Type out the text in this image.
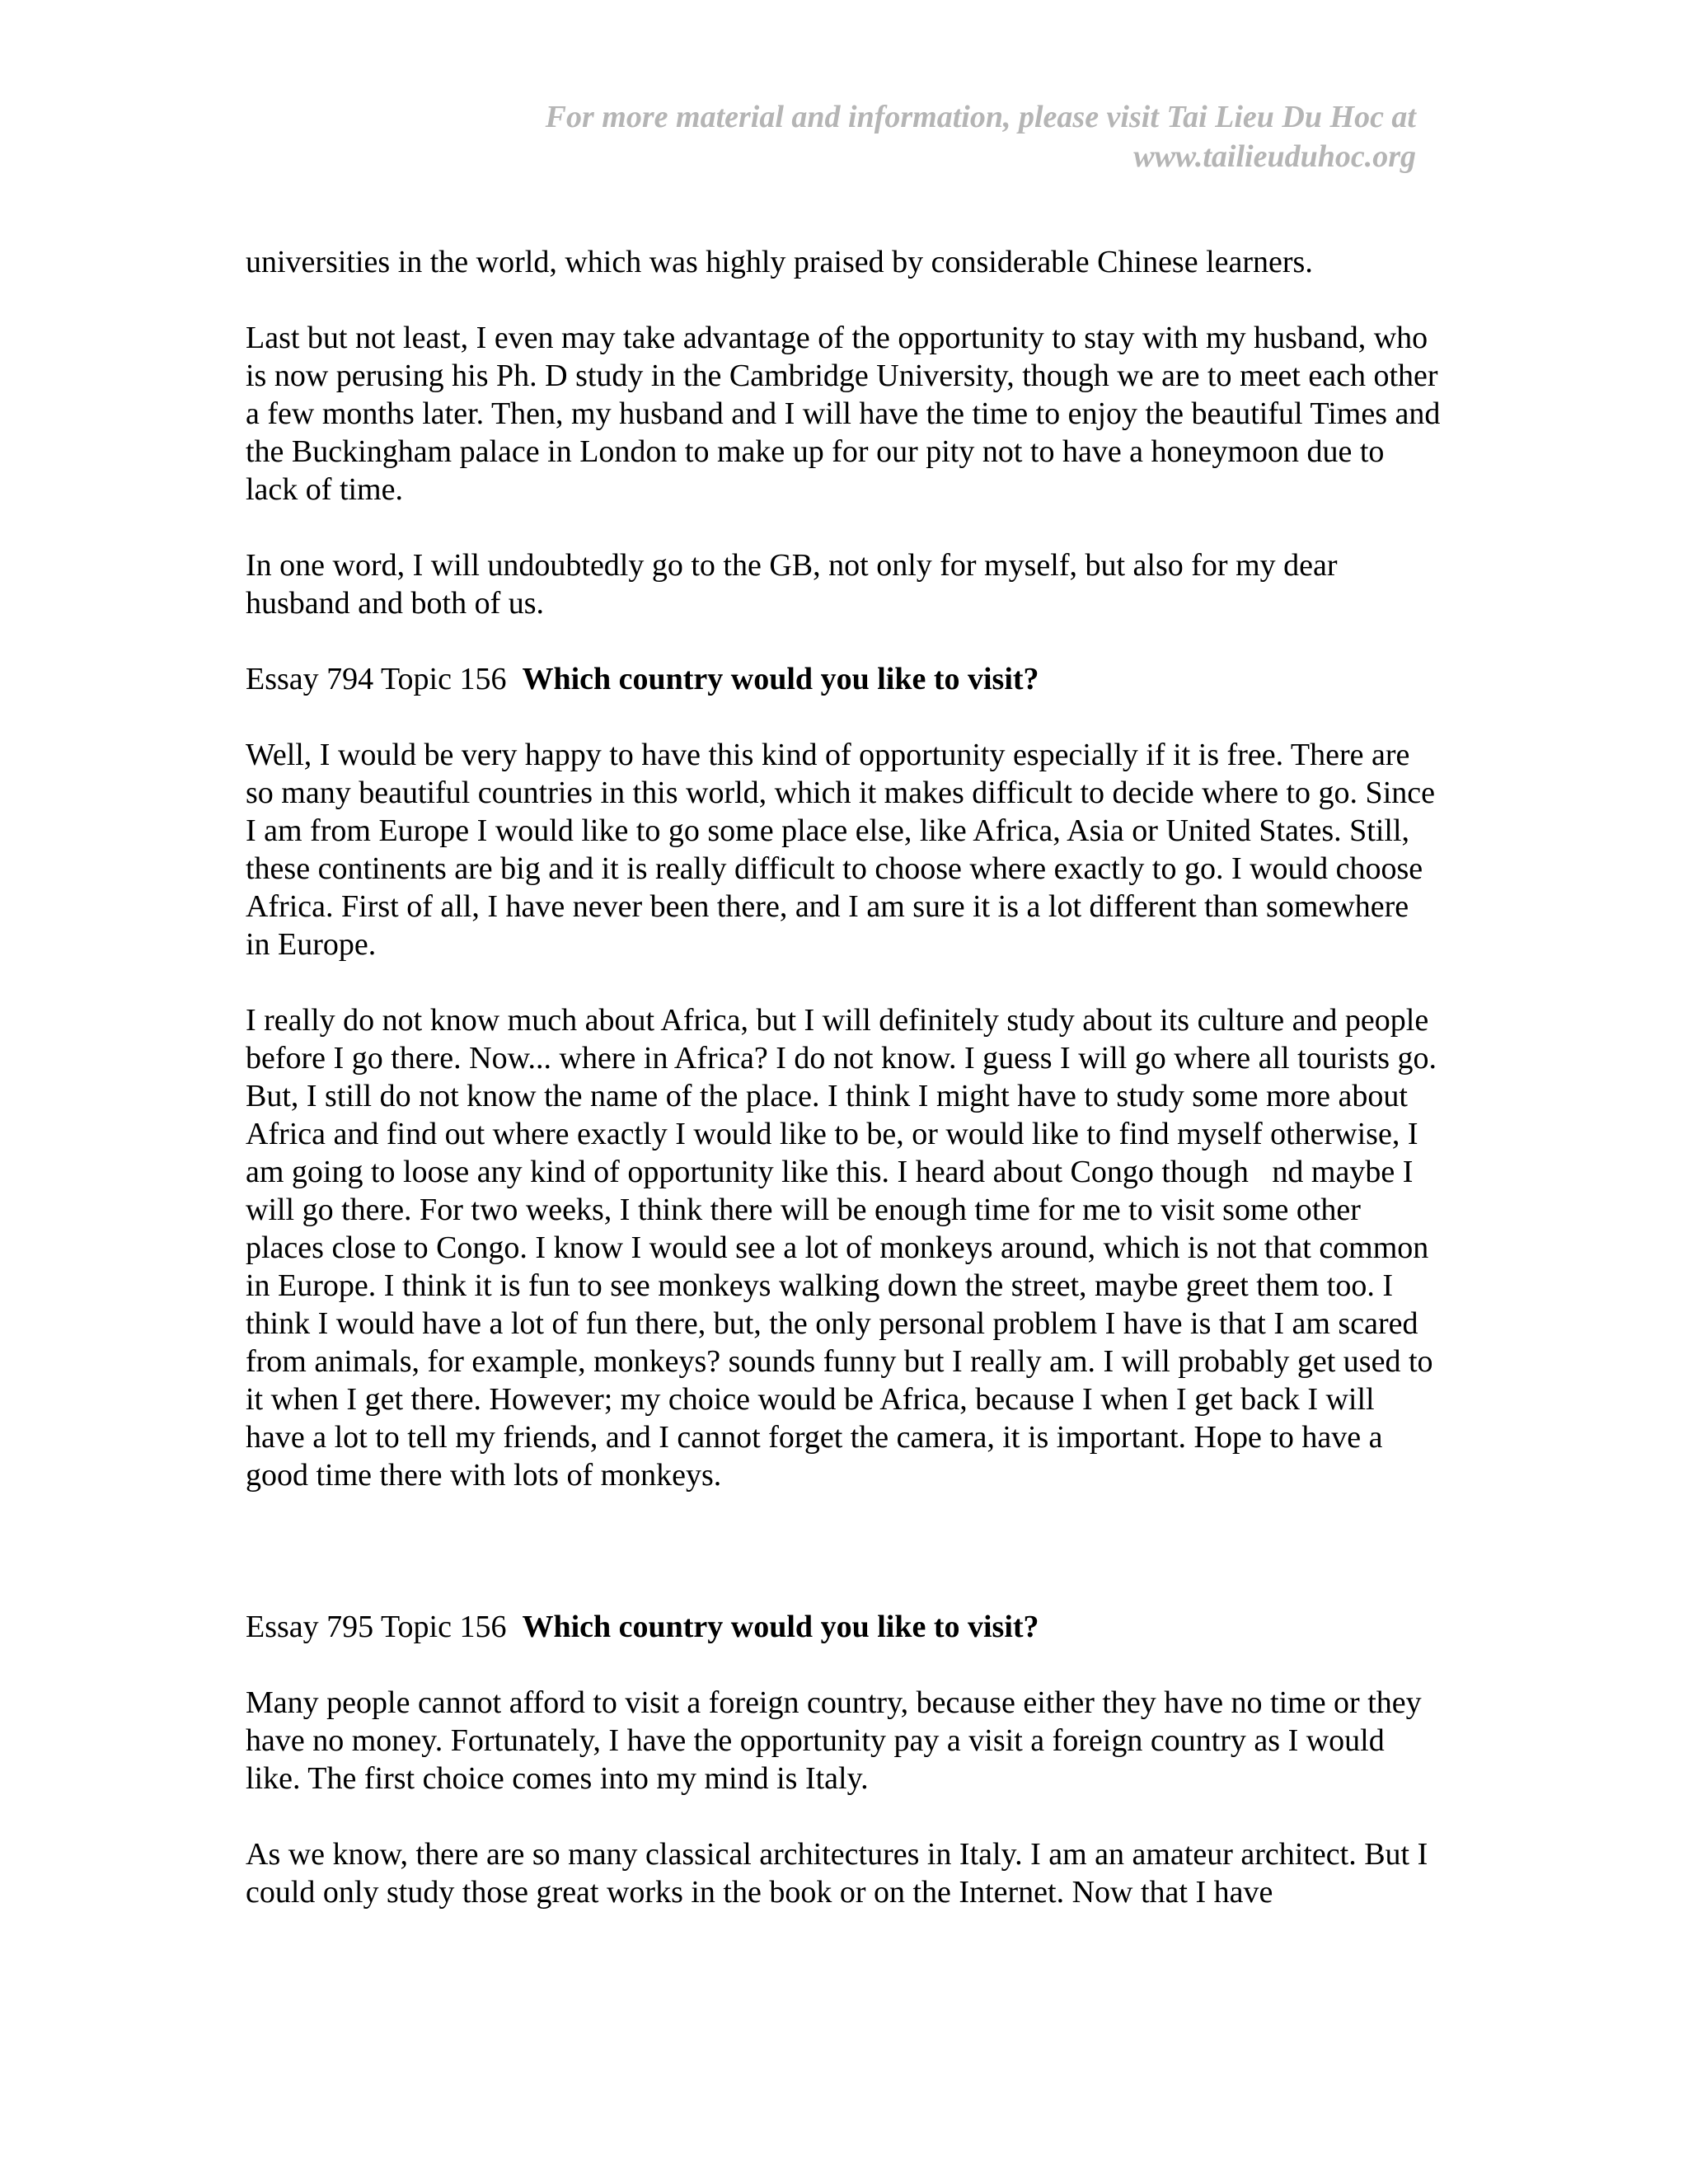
For more material and information, please visit Tai Lieu Du Hoc at
www.tailieuduhoc.org

universities in the world, which was highly praised by considerable Chinese learners.

Last but not least, I even may take advantage of the opportunity to stay with my husband, who is now perusing his Ph. D study in the Cambridge University, though we are to meet each other a few months later. Then, my husband and I will have the time to enjoy the beautiful Times and the Buckingham palace in London to make up for our pity not to have a honeymoon due to lack of time.

In one word, I will undoubtedly go to the GB, not only for myself, but also for my dear husband and both of us.

Essay 794 Topic 156 Which country would you like to visit?

Well, I would be very happy to have this kind of opportunity especially if it is free. There are so many beautiful countries in this world, which it makes difficult to decide where to go. Since I am from Europe I would like to go some place else, like Africa, Asia or United States. Still, these continents are big and it is really difficult to choose where exactly to go. I would choose Africa. First of all, I have never been there, and I am sure it is a lot different than somewhere in Europe.

I really do not know much about Africa, but I will definitely study about its culture and people before I go there. Now... where in Africa? I do not know. I guess I will go where all tourists go. But, I still do not know the name of the place. I think I might have to study some more about Africa and find out where exactly I would like to be, or would like to find myself otherwise, I am going to loose any kind of opportunity like this. I heard about Congo though   nd maybe I will go there. For two weeks, I think there will be enough time for me to visit some other places close to Congo. I know I would see a lot of monkeys around, which is not that common in Europe. I think it is fun to see monkeys walking down the street, maybe greet them too. I think I would have a lot of fun there, but, the only personal problem I have is that I am scared from animals, for example, monkeys? sounds funny but I really am. I will probably get used to it when I get there. However; my choice would be Africa, because I when I get back I will have a lot to tell my friends, and I cannot forget the camera, it is important. Hope to have a good time there with lots of monkeys.

Essay 795 Topic 156 Which country would you like to visit?

Many people cannot afford to visit a foreign country, because either they have no time or they have no money. Fortunately, I have the opportunity pay a visit a foreign country as I would like. The first choice comes into my mind is Italy.

As we know, there are so many classical architectures in Italy. I am an amateur architect. But I could only study those great works in the book or on the Internet. Now that I have
